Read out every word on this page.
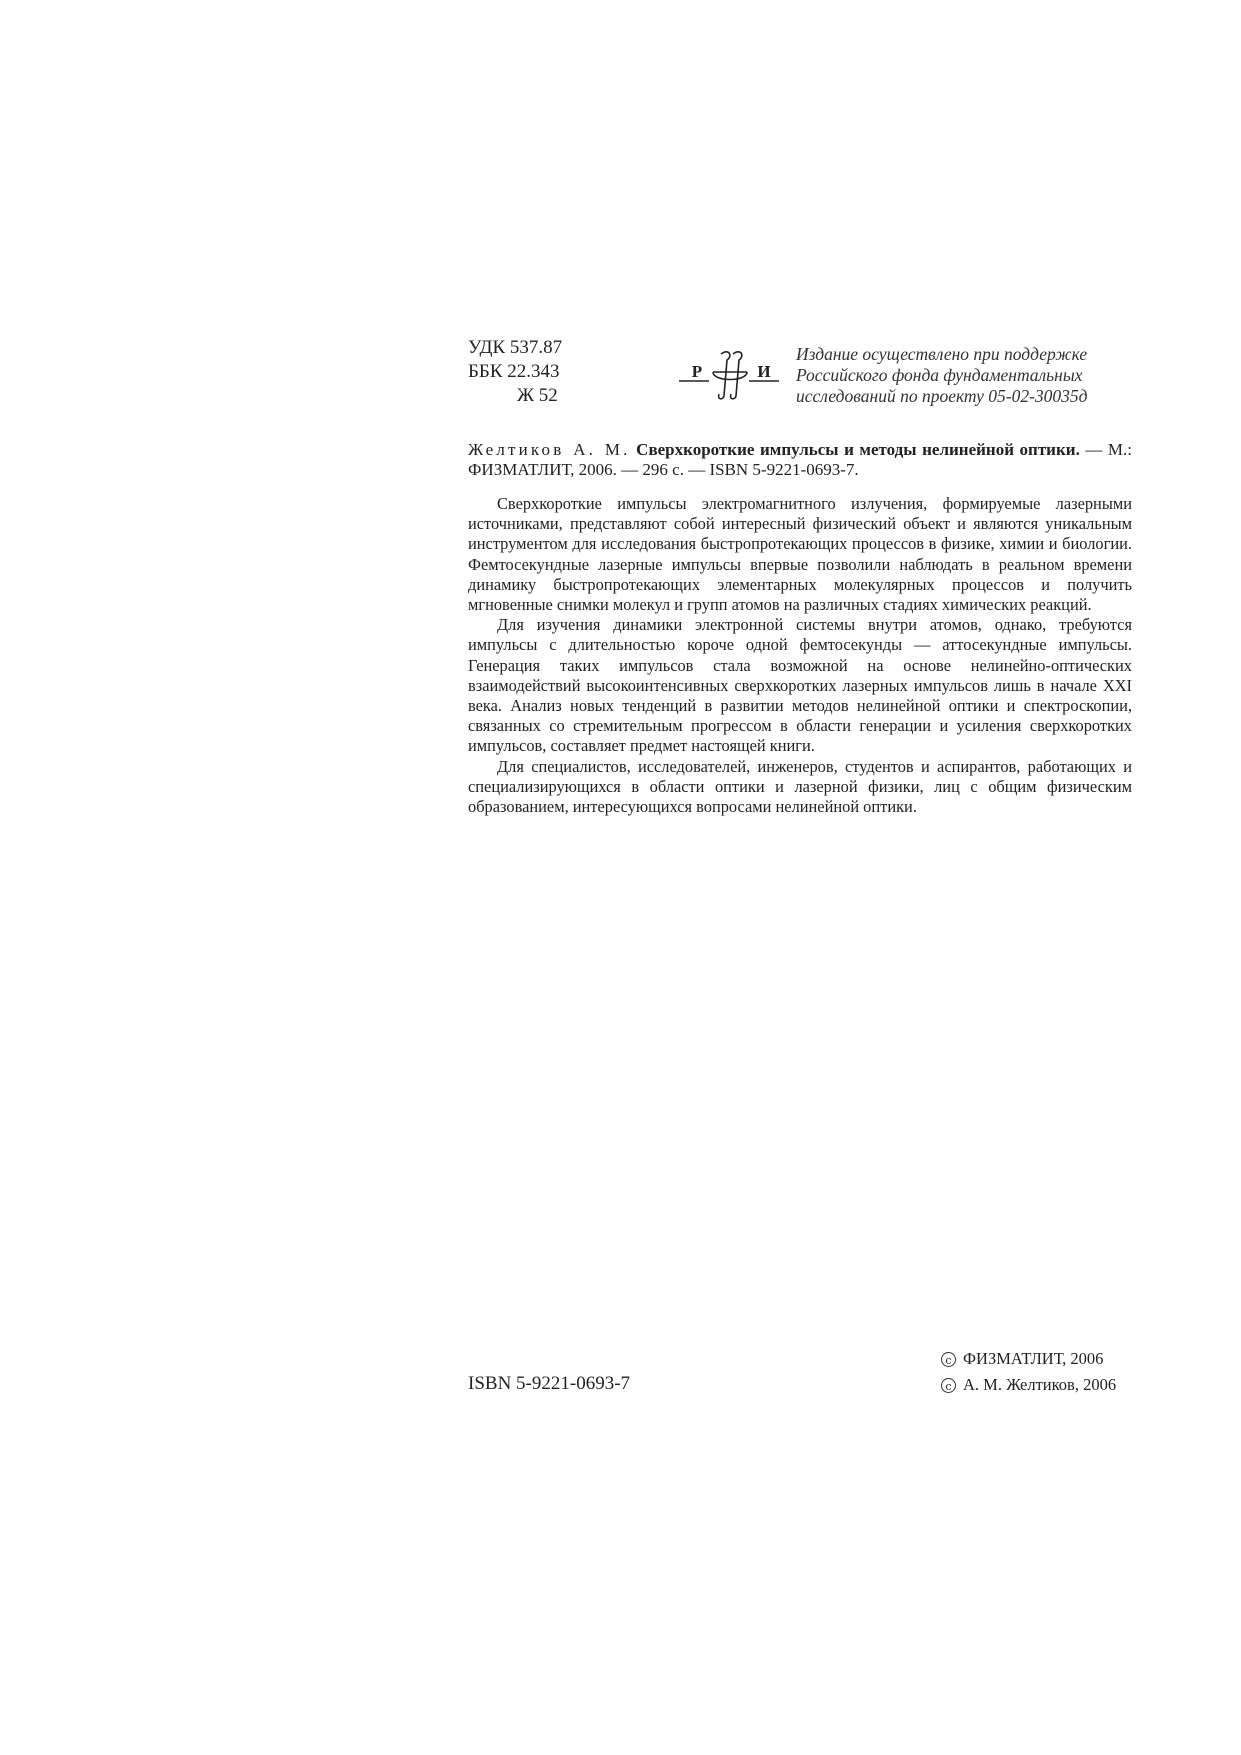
УДК 537.87
ББК 22.343
Ж 52
Р	И
Издание осуществлено при поддержке
Российского фонда фундаментальных
исследований по проекту 05-02-30035д
Желтиков А. М. Сверхкороткие импульсы и методы нелинейной оптики. — М.: ФИЗМАТЛИТ, 2006. — 296 с. — ISBN 5-9221-0693-7.

Сверхкороткие импульсы электромагнитного излучения, формируемые лазерными источниками, представляют собой интересный физический объект и являются уникальным инструментом для исследования быстропротекающих процессов в физике, химии и биологии. Фемтосекундные лазерные импульсы впервые позволили наблюдать в реальном времени динамику быстропротекающих элементарных молекулярных процессов и получить мгновенные снимки молекул и групп атомов на различных стадиях химических реакций.

Для изучения динамики электронной системы внутри атомов, однако, требуются импульсы с длительностью короче одной фемтосекунды — аттосекундные импульсы. Генерация таких импульсов стала возможной на основе нелинейно-оптических взаимодействий высокоинтенсивных сверхкоротких лазерных импульсов лишь в начале XXI века. Анализ новых тенденций в развитии методов нелинейной оптики и спектроскопии, связанных со стремительным прогрессом в области генерации и усиления сверхкоротких импульсов, составляет предмет настоящей книги.

Для специалистов, исследователей, инженеров, студентов и аспирантов, работающих и специализирующихся в области оптики и лазерной физики, лиц с общим физическим образованием, интересующихся вопросами нелинейной оптики.

ISBN 5-9221-0693-7
c ФИЗМАТЛИТ, 2006
c А. М. Желтиков, 2006
